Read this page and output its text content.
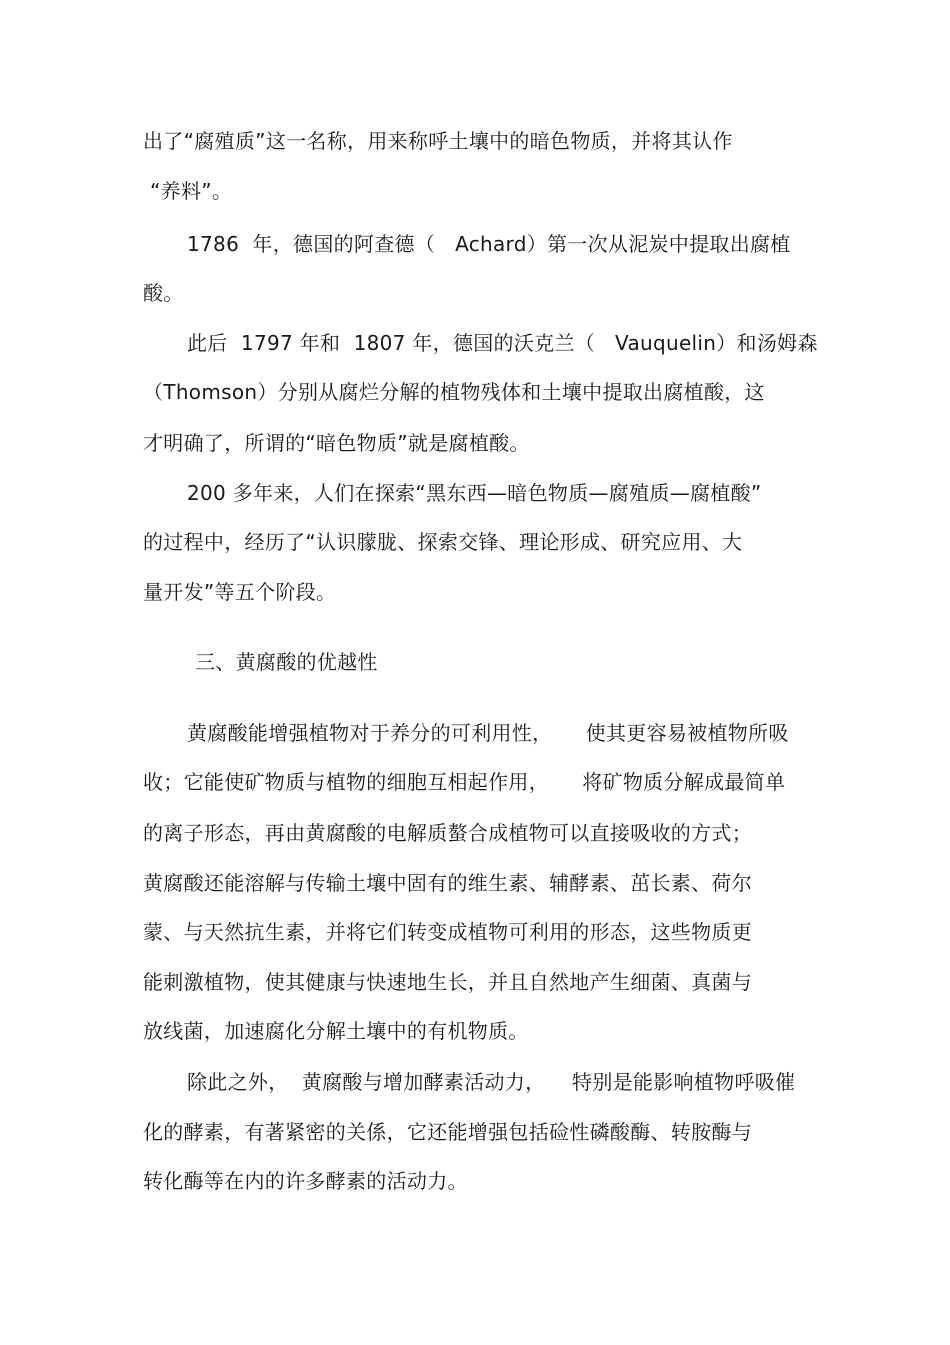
出了“腐殖质”这一名称，用来称呼土壤中的暗色物质，并将其认作
“养料”。
1786  年，德国的阿查德（   Achard）第一次从泥炭中提取出腐植
酸。
此后  1797 年和  1807 年，德国的沃克兰（   Vauquelin）和汤姆森
（Thomson）分别从腐烂分解的植物残体和土壤中提取出腐植酸，这
才明确了，所谓的“暗色物质”就是腐植酸。
200 多年来，人们在探索“黑东西—暗色物质—腐殖质—腐植酸”
的过程中，经历了“认识朦胧、探索交锋、理论形成、研究应用、大
量开发”等五个阶段。
三、黄腐酸的优越性
黄腐酸能增强植物对于养分的可利用性，     使其更容易被植物所吸
收；它能使矿物质与植物的细胞互相起作用，     将矿物质分解成最简单
的离子形态，再由黄腐酸的电解质螯合成植物可以直接吸收的方式；
黄腐酸还能溶解与传输土壤中固有的维生素、辅酵素、茁长素、荷尔
蒙、与天然抗生素，并将它们转变成植物可利用的形态，这些物质更
能刺激植物，使其健康与快速地生长，并且自然地产生细菌、真菌与
放线菌，加速腐化分解土壤中的有机物质。
除此之外，  黄腐酸与增加酵素活动力，    特别是能影响植物呼吸催
化的酵素，有著紧密的关係，它还能增强包括硷性磷酸酶、转胺酶与
转化酶等在内的许多酵素的活动力。
